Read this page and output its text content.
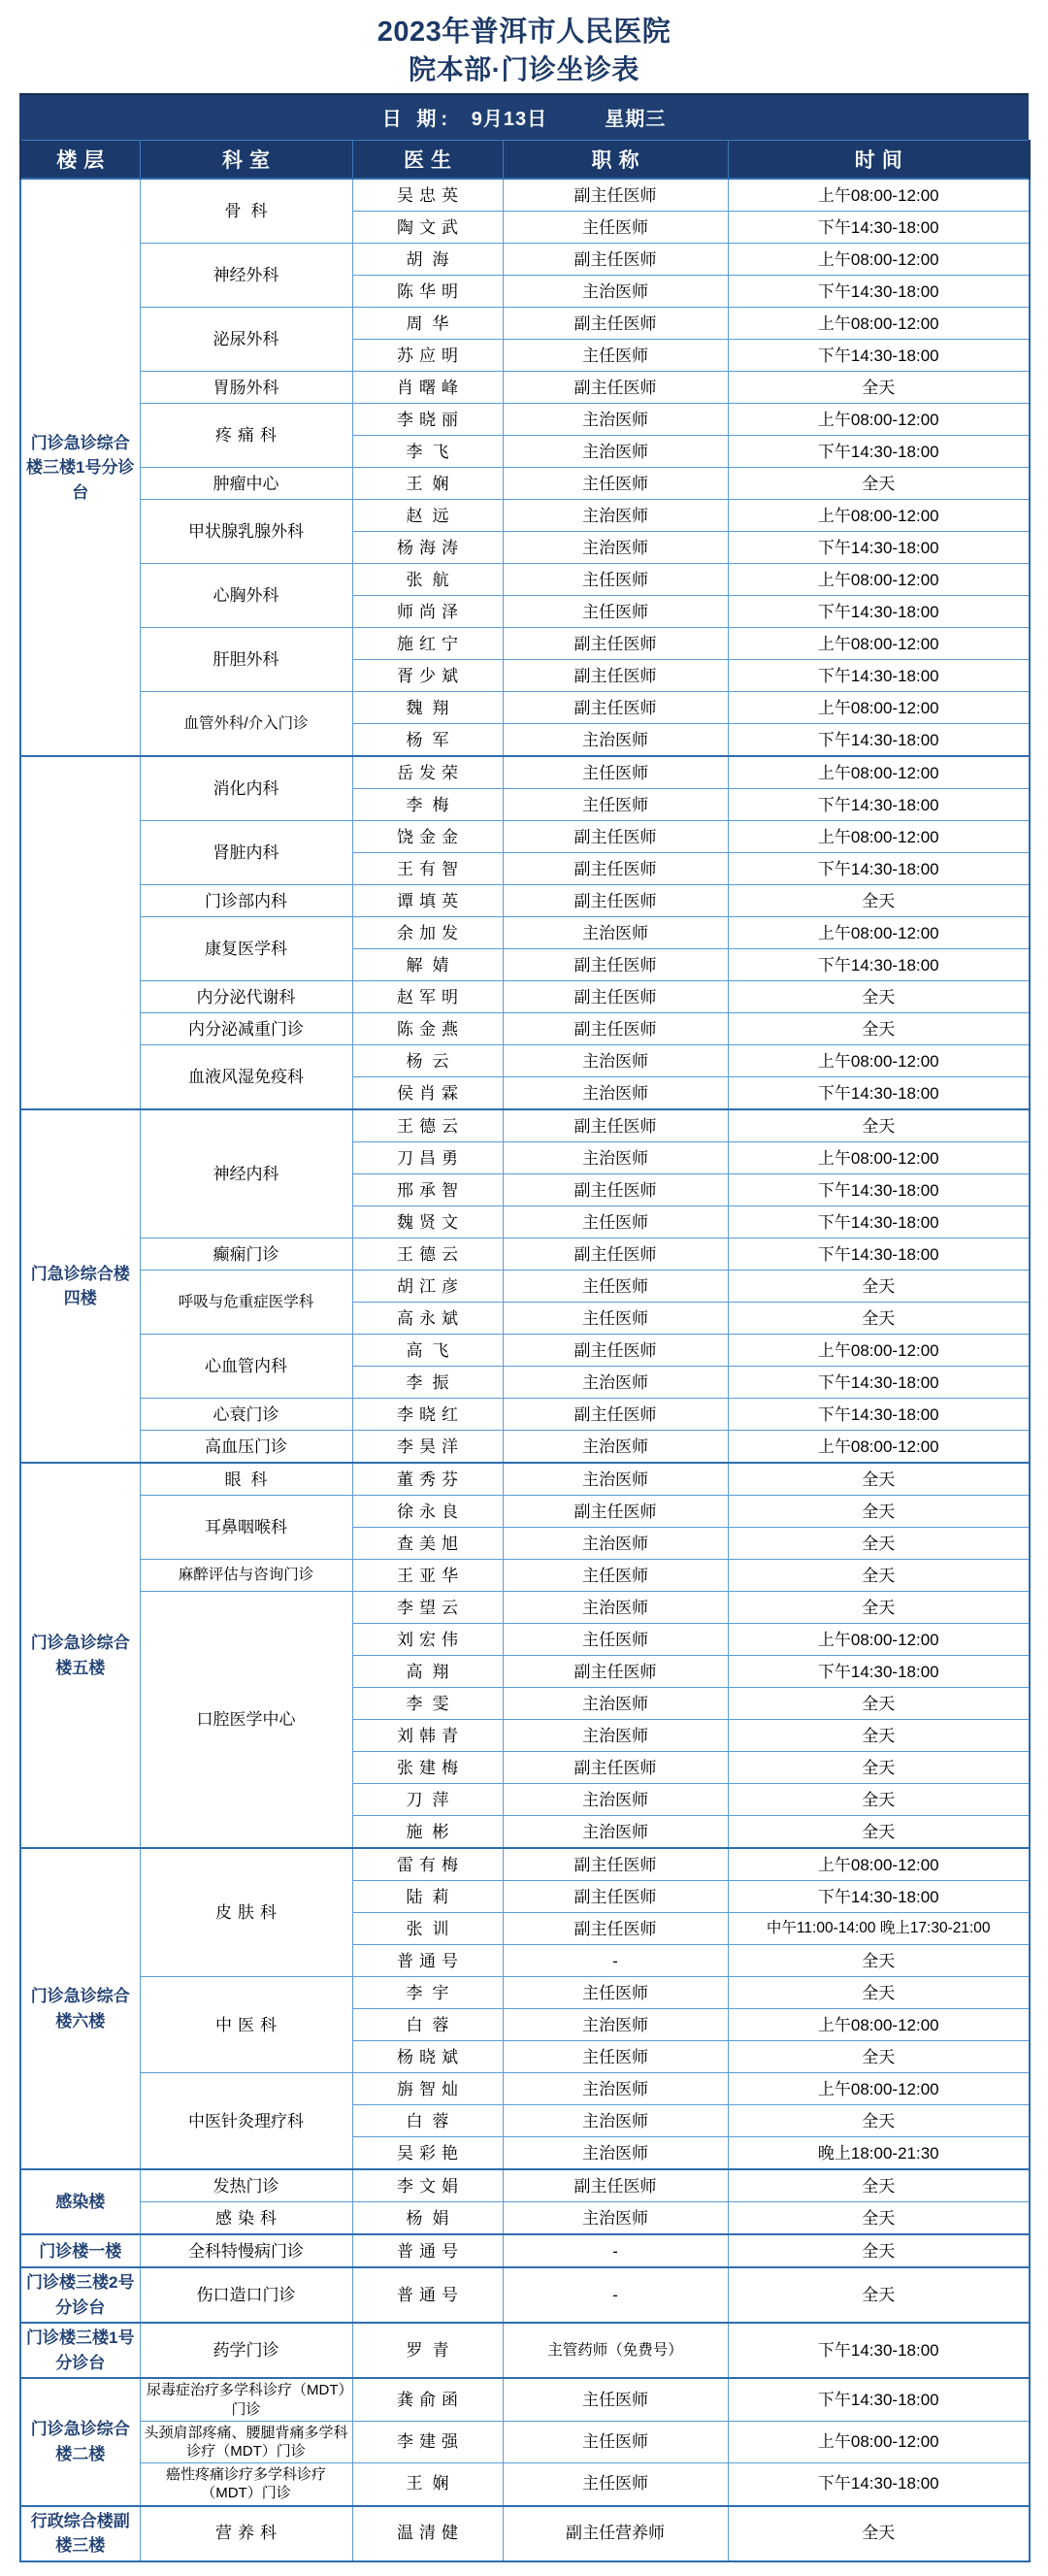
2023年普洱市人民医院
院本部·门诊坐诊表
日 期: 9月13日	星期三
楼层	科室	医生	职称	时间
门诊急诊综合楼三楼1号分诊台	骨科	吴忠英	副主任医师	上午08:00-12:00
		陶文武	主任医师	下午14:30-18:00
	神经外科	胡海	副主任医师	上午08:00-12:00
		陈华明	主治医师	下午14:30-18:00
	泌尿外科	周华	副主任医师	上午08:00-12:00
		苏应明	主任医师	下午14:30-18:00
	胃肠外科	肖曙峰	副主任医师	全天
	疼痛科	李晓丽	主治医师	上午08:00-12:00
		李飞	主治医师	下午14:30-18:00
	肿瘤中心	王娴	主任医师	全天
	甲状腺乳腺外科	赵远	主治医师	上午08:00-12:00
		杨海涛	主治医师	下午14:30-18:00
	心胸外科	张航	主任医师	上午08:00-12:00
		师尚泽	主任医师	下午14:30-18:00
	肝胆外科	施红宁	副主任医师	上午08:00-12:00
		胥少斌	副主任医师	下午14:30-18:00
	血管外科/介入门诊	魏翔	副主任医师	上午08:00-12:00
		杨军	主治医师	下午14:30-18:00
	消化内科	岳发荣	主任医师	上午08:00-12:00
		李梅	主任医师	下午14:30-18:00
	肾脏内科	饶金金	副主任医师	上午08:00-12:00
		王有智	副主任医师	下午14:30-18:00
	门诊部内科	谭填英	副主任医师	全天
	康复医学科	余加发	主治医师	上午08:00-12:00
		解婧	副主任医师	下午14:30-18:00
	内分泌代谢科	赵军明	副主任医师	全天
	内分泌减重门诊	陈金燕	副主任医师	全天
	血液风湿免疫科	杨云	主治医师	上午08:00-12:00
		侯肖霖	主治医师	下午14:30-18:00
门急诊综合楼四楼	神经内科	王德云	副主任医师	全天
		刀昌勇	主治医师	上午08:00-12:00
		邢承智	副主任医师	下午14:30-18:00
		魏贤文	主任医师	下午14:30-18:00
	癫痫门诊	王德云	副主任医师	下午14:30-18:00
	呼吸与危重症医学科	胡江彦	主任医师	全天
		高永斌	主任医师	全天
	心血管内科	高飞	副主任医师	上午08:00-12:00
		李振	主治医师	下午14:30-18:00
	心衰门诊	李晓红	副主任医师	下午14:30-18:00
	高血压门诊	李昊洋	主治医师	上午08:00-12:00
门诊急诊综合楼五楼	眼科	董秀芬	主治医师	全天
	耳鼻咽喉科	徐永良	副主任医师	全天
		查美旭	主治医师	全天
	麻醉评估与咨询门诊	王亚华	主任医师	全天
	口腔医学中心	李望云	主治医师	全天
		刘宏伟	主任医师	上午08:00-12:00
		高翔	副主任医师	下午14:30-18:00
		李雯	主治医师	全天
		刘韩青	主治医师	全天
		张建梅	副主任医师	全天
		刀萍	主治医师	全天
		施彬	主治医师	全天
门诊急诊综合楼六楼	皮肤科	雷有梅	副主任医师	上午08:00-12:00
		陆莉	副主任医师	下午14:30-18:00
		张训	副主任医师	中午11:00-14:00 晚上17:30-21:00
		普通号	-	全天
	中医科	李宇	主任医师	全天
		白蓉	主治医师	上午08:00-12:00
		杨晓斌	主任医师	全天
	中医针灸理疗科	旃智灿	主治医师	上午08:00-12:00
		白蓉	主治医师	全天
		吴彩艳	主治医师	晚上18:00-21:30
感染楼	发热门诊	李文娟	副主任医师	全天
	感染科	杨娟	主治医师	全天
门诊楼一楼	全科特慢病门诊	普通号	-	全天
门诊楼三楼2号分诊台	伤口造口门诊	普通号	-	全天
门诊楼三楼1号分诊台	药学门诊	罗青	主管药师（免费号）	下午14:30-18:00
门诊急诊综合楼二楼	尿毒症治疗多学科诊疗（MDT）门诊	龚俞函	主任医师	下午14:30-18:00
	头颈肩部疼痛、腰腿背痛多学科诊疗（MDT）门诊	李建强	主任医师	上午08:00-12:00
	癌性疼痛诊疗多学科诊疗（MDT）门诊	王娴	主任医师	下午14:30-18:00
行政综合楼副楼三楼	营养科	温清健	副主任营养师	全天
